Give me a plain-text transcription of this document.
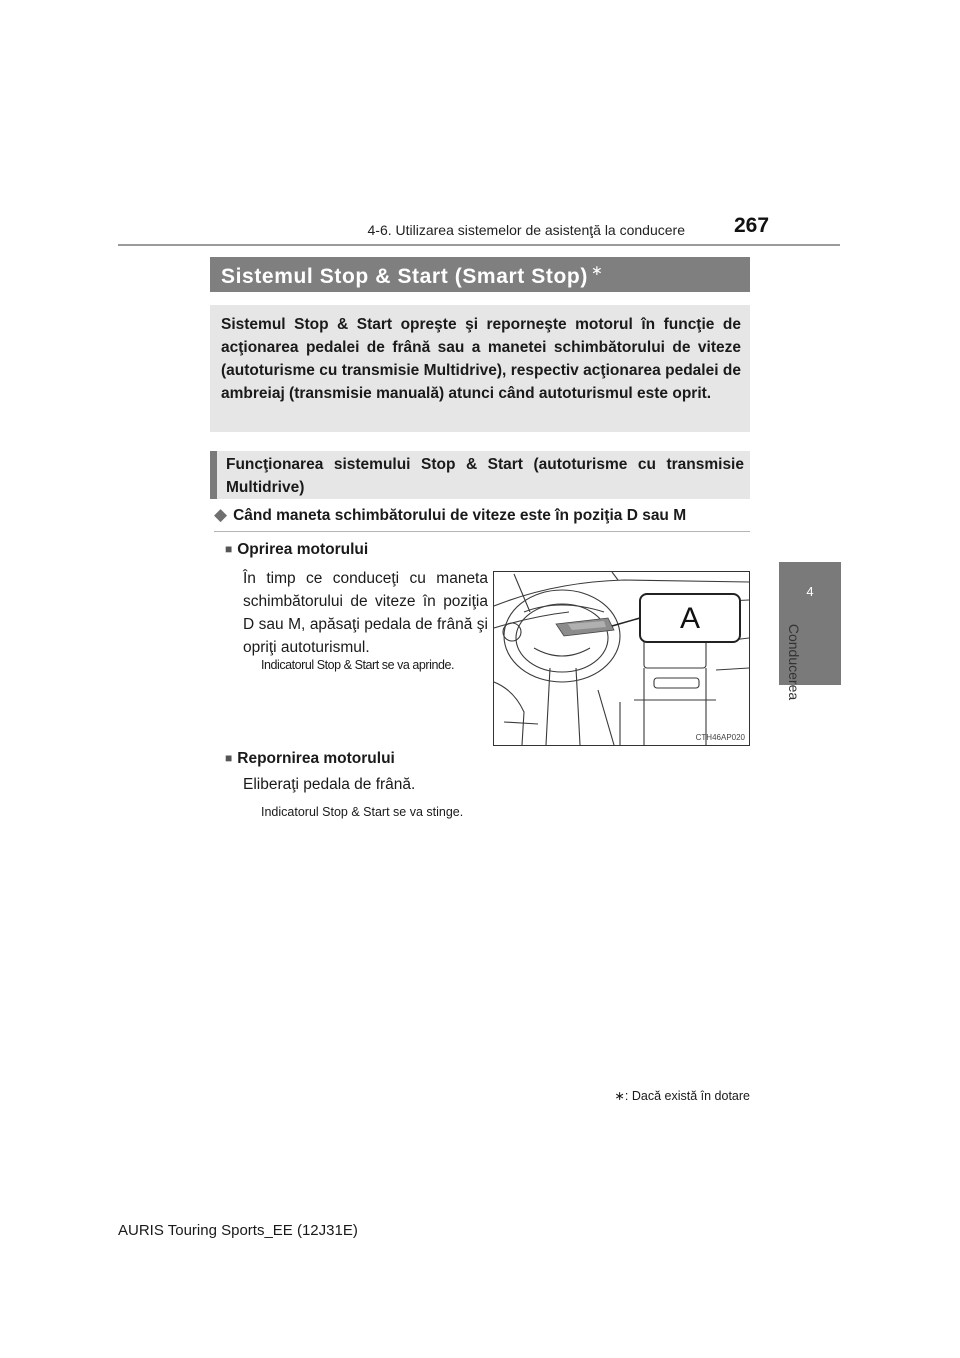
4-6. Utilizarea sistemelor de asistenţă la conducere 267
4
Conducerea
Sistemul Stop & Start (Smart Stop) ∗

Sistemul Stop & Start opreşte şi reporneşte motorul în funcţie de acţionarea pedalei de frână sau a manetei schimbătorului de viteze (autoturisme cu transmisie Multidrive), respectiv acţionarea pedalei de ambreiaj (transmisie manuală) atunci când autoturismul este oprit.

Funcţionarea sistemului Stop & Start (autoturisme cu transmisie Multidrive)

◆ Când maneta schimbătorului de viteze este în poziţia D sau M
■ Oprirea motorului
În timp ce conduceţi cu maneta schimbătorului de viteze în poziţia D sau M, apăsaţi pedala de frână şi opriţi autoturismul.
Indicatorul Stop & Start se va aprinde.
A
CTH46AP020
■ Repornirea motorului
Eliberaţi pedala de frână.
Indicatorul Stop & Start se va stinge.
∗: Dacă există în dotare
AURIS Touring Sports_EE (12J31E)
